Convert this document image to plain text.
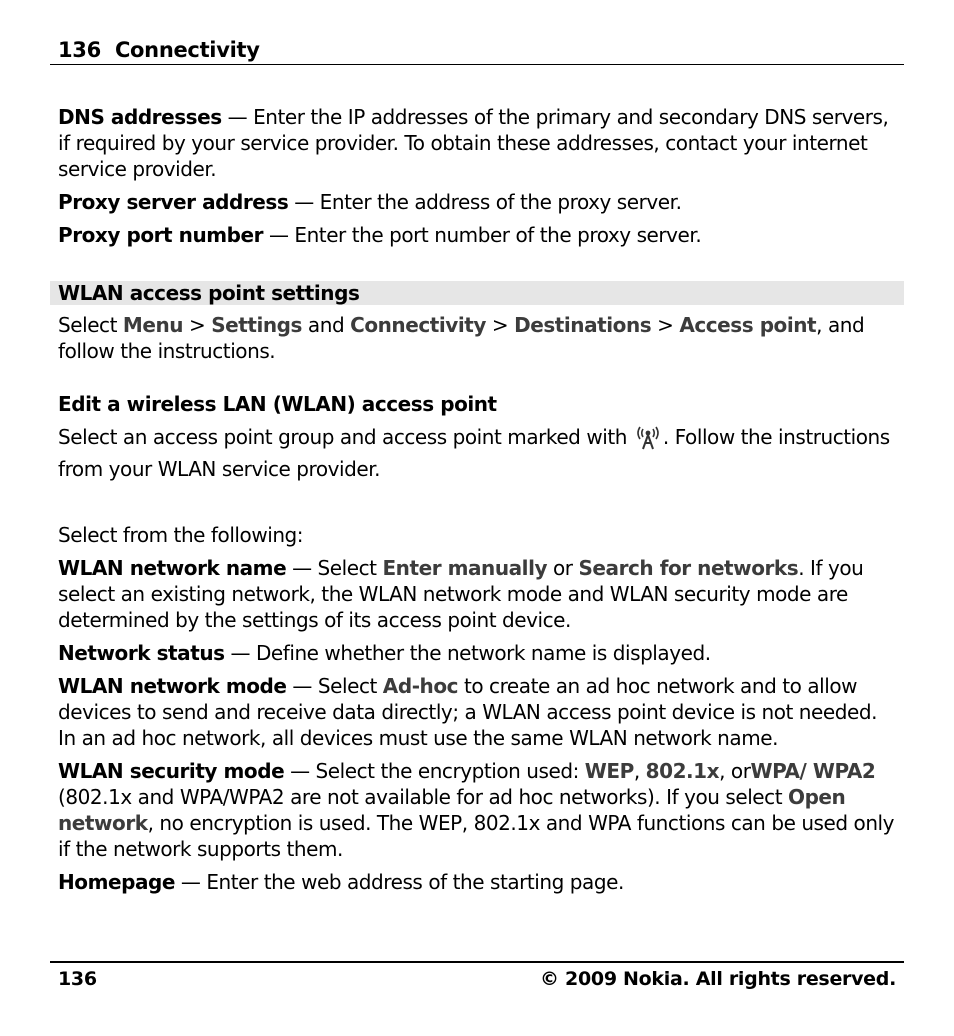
136 Connectivity

DNS addresses — Enter the IP addresses of the primary and secondary DNS servers, if required by your service provider. To obtain these addresses, contact your internet service provider.

Proxy server address — Enter the address of the proxy server.

Proxy port number — Enter the port number of the proxy server.

WLAN access point settings

Select Menu > Settings and Connectivity > Destinations > Access point, and follow the instructions.

Edit a wireless LAN (WLAN) access point

Select an access point group and access point marked with . Follow the instructions from your WLAN service provider.

Select from the following:

WLAN network name — Select Enter manually or Search for networks. If you select an existing network, the WLAN network mode and WLAN security mode are determined by the settings of its access point device.

Network status — Define whether the network name is displayed.

WLAN network mode — Select Ad-hoc to create an ad hoc network and to allow devices to send and receive data directly; a WLAN access point device is not needed. In an ad hoc network, all devices must use the same WLAN network name.

WLAN security mode — Select the encryption used: WEP, 802.1x, orWPA/ WPA2 (802.1x and WPA/WPA2 are not available for ad hoc networks). If you select Open network, no encryption is used. The WEP, 802.1x and WPA functions can be used only if the network supports them.

Homepage — Enter the web address of the starting page.

136	© 2009 Nokia. All rights reserved.
